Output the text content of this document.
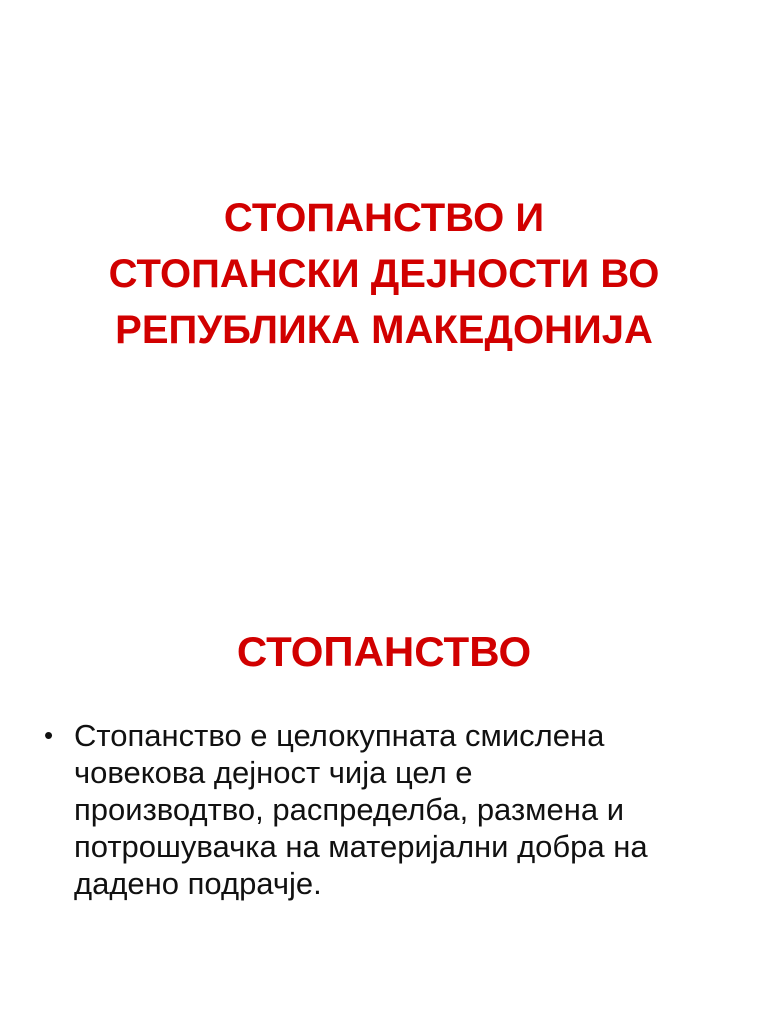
СТОПАНСТВО И
СТОПАНСКИ ДЕЈНОСТИ ВО
РЕПУБЛИКА МАКЕДОНИЈА
СТОПАНСТВО
• Стопанство е целокупната смислена
човекова дејност чија цел е
производтво, распределба, размена и
потрошувачка на материјални добра на
дадено подрачје.
